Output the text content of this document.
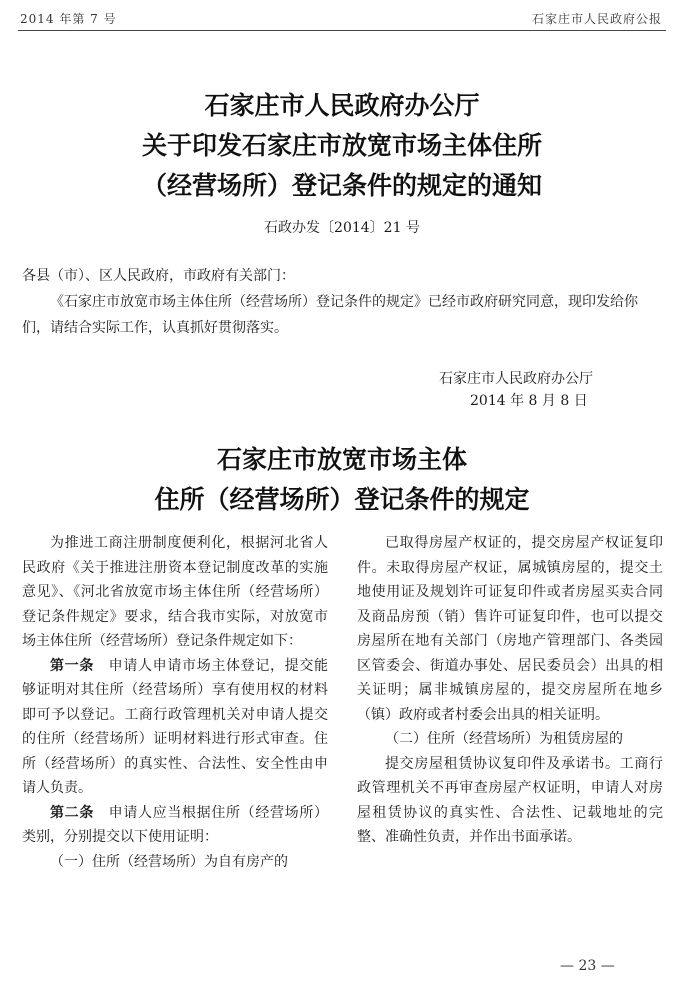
2014 年第 7 号	石家庄市人民政府公报
石家庄市人民政府办公厅
关于印发石家庄市放宽市场主体住所
（经营场所）登记条件的规定的通知
石政办发〔2014〕21 号
各县（市）、区人民政府，市政府有关部门：
《石家庄市放宽市场主体住所（经营场所）登记条件的规定》已经市政府研究同意，现印发给你们，请结合实际工作，认真抓好贯彻落实。
石家庄市人民政府办公厅
2014 年 8 月 8 日
石家庄市放宽市场主体
住所（经营场所）登记条件的规定

为推进工商注册制度便利化，根据河北省人民政府《关于推进注册资本登记制度改革的实施意见》、《河北省放宽市场主体住所（经营场所）登记条件规定》要求，结合我市实际，对放宽市场主体住所（经营场所）登记条件规定如下：

第一条　 申请人申请市场主体登记，提交能够证明对其住所（经营场所）享有使用权的材料即可予以登记。工商行政管理机关对申请人提交的住所（经营场所）证明材料进行形式审查。住所（经营场所）的真实性、合法性、安全性由申请人负责。

第二条　 申请人应当根据住所（经营场所）类别，分别提交以下使用证明：

（一）住所（经营场所）为自有房产的

已取得房屋产权证的，提交房屋产权证复印件。未取得房屋产权证，属城镇房屋的，提交土地使用证及规划许可证复印件或者房屋买卖合同及商品房预（销）售许可证复印件，也可以提交房屋所在地有关部门（房地产管理部门、各类园区管委会、街道办事处、居民委员会）出具的相关证明；属非城镇房屋的，提交房屋所在地乡（镇）政府或者村委会出具的相关证明。

（二）住所（经营场所）为租赁房屋的

提交房屋租赁协议复印件及承诺书。工商行政管理机关不再审查房屋产权证明，申请人对房屋租赁协议的真实性、合法性、记载地址的完整、准确性负责，并作出书面承诺。

— 23 —
